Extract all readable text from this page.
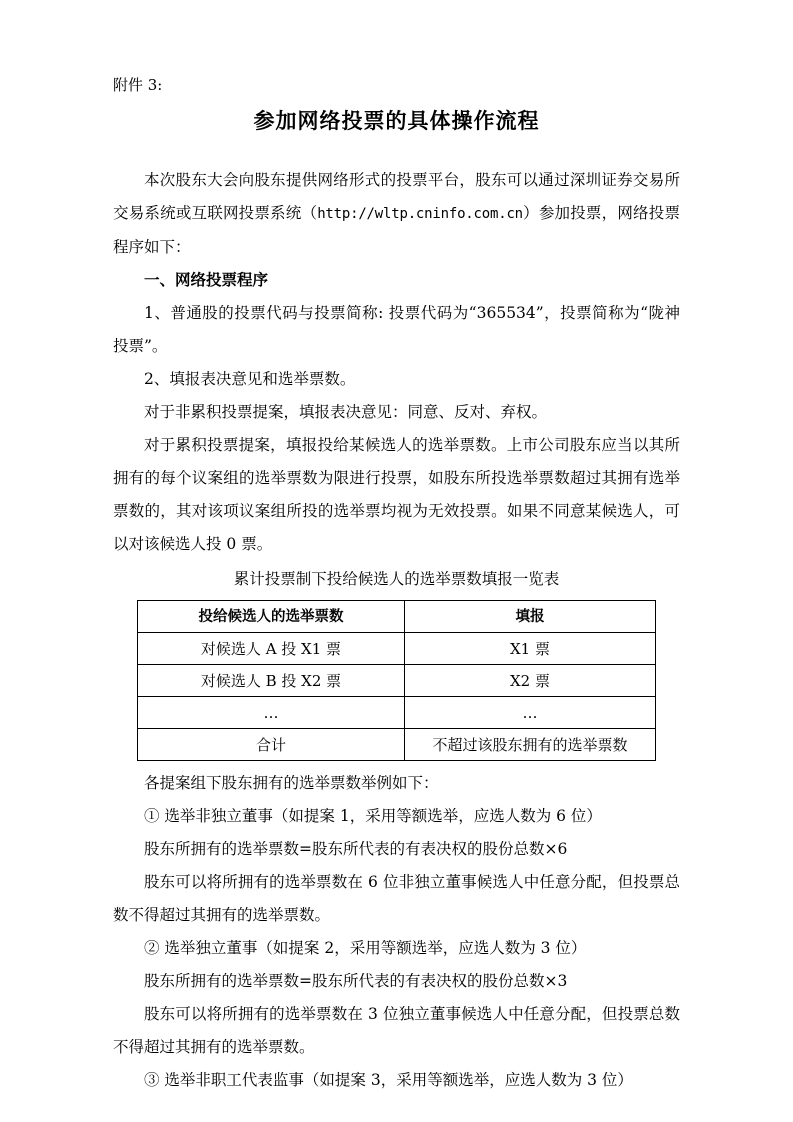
附件 3:
参加网络投票的具体操作流程

本次股东大会向股东提供网络形式的投票平台，股东可以通过深圳证券交易所交易系统或互联网投票系统（http://wltp.cninfo.com.cn）参加投票，网络投票程序如下：

一、网络投票程序

1、普通股的投票代码与投票简称: 投票代码为“365534”，投票简称为“陇神投票”。

2、填报表决意见和选举票数。

对于非累积投票提案，填报表决意见：同意、反对、弃权。

对于累积投票提案，填报投给某候选人的选举票数。上市公司股东应当以其所拥有的每个议案组的选举票数为限进行投票，如股东所投选举票数超过其拥有选举票数的，其对该项议案组所投的选举票均视为无效投票。如果不同意某候选人，可以对该候选人投 0 票。

累计投票制下投给候选人的选举票数填报一览表
投给候选人的选举票数	填报
对候选人 A 投 X1 票	X1 票
对候选人 B 投 X2 票	X2 票
…	…
合计	不超过该股东拥有的选举票数

各提案组下股东拥有的选举票数举例如下：

① 选举非独立董事（如提案 1，采用等额选举，应选人数为 6 位）

股东所拥有的选举票数=股东所代表的有表决权的股份总数×6

股东可以将所拥有的选举票数在 6 位非独立董事候选人中任意分配，但投票总数不得超过其拥有的选举票数。

② 选举独立董事（如提案 2，采用等额选举，应选人数为 3 位）

股东所拥有的选举票数=股东所代表的有表决权的股份总数×3

股东可以将所拥有的选举票数在 3 位独立董事候选人中任意分配，但投票总数不得超过其拥有的选举票数。

③ 选举非职工代表监事（如提案 3，采用等额选举，应选人数为 3 位）
